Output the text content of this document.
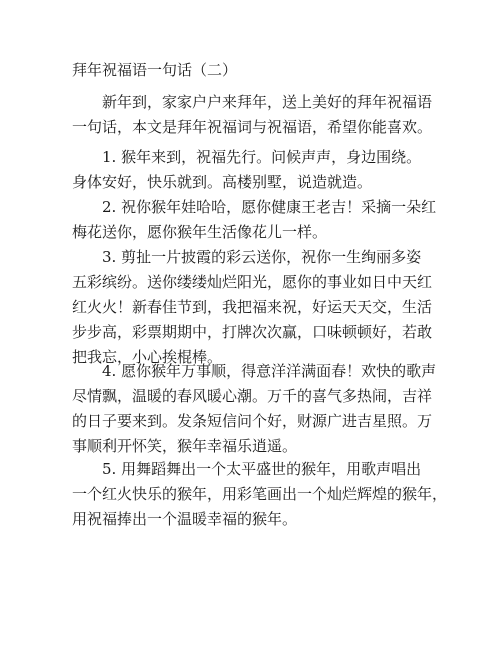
拜年祝福语一句话（二）
新年到，家家户户来拜年，送上美好的拜年祝福语
一句话，本文是拜年祝福词与祝福语，希望你能喜欢。
1. 猴年来到，祝福先行。问候声声，身边围绕。
身体安好，快乐就到。高楼别墅，说造就造。
2. 祝你猴年娃哈哈，愿你健康王老吉！采摘一朵红
梅花送你，愿你猴年生活像花儿一样。
3. 剪扯一片披霞的彩云送你，祝你一生绚丽多姿
五彩缤纷。送你缕缕灿烂阳光，愿你的事业如日中天红
红火火！新春佳节到，我把福来祝，好运天天交，生活
步步高，彩票期期中，打牌次次赢，口味顿顿好，若敢
把我忘，小心挨棍棒。
4. 愿你猴年万事顺，得意洋洋满面春！欢快的歌声
尽情飘，温暖的春风暖心潮。万千的喜气多热闹，吉祥
的日子要来到。发条短信问个好，财源广进吉星照。万
事顺利开怀笑，猴年幸福乐逍遥。
5. 用舞蹈舞出一个太平盛世的猴年，用歌声唱出
一个红火快乐的猴年，用彩笔画出一个灿烂辉煌的猴年，
用祝福捧出一个温暖幸福的猴年。
